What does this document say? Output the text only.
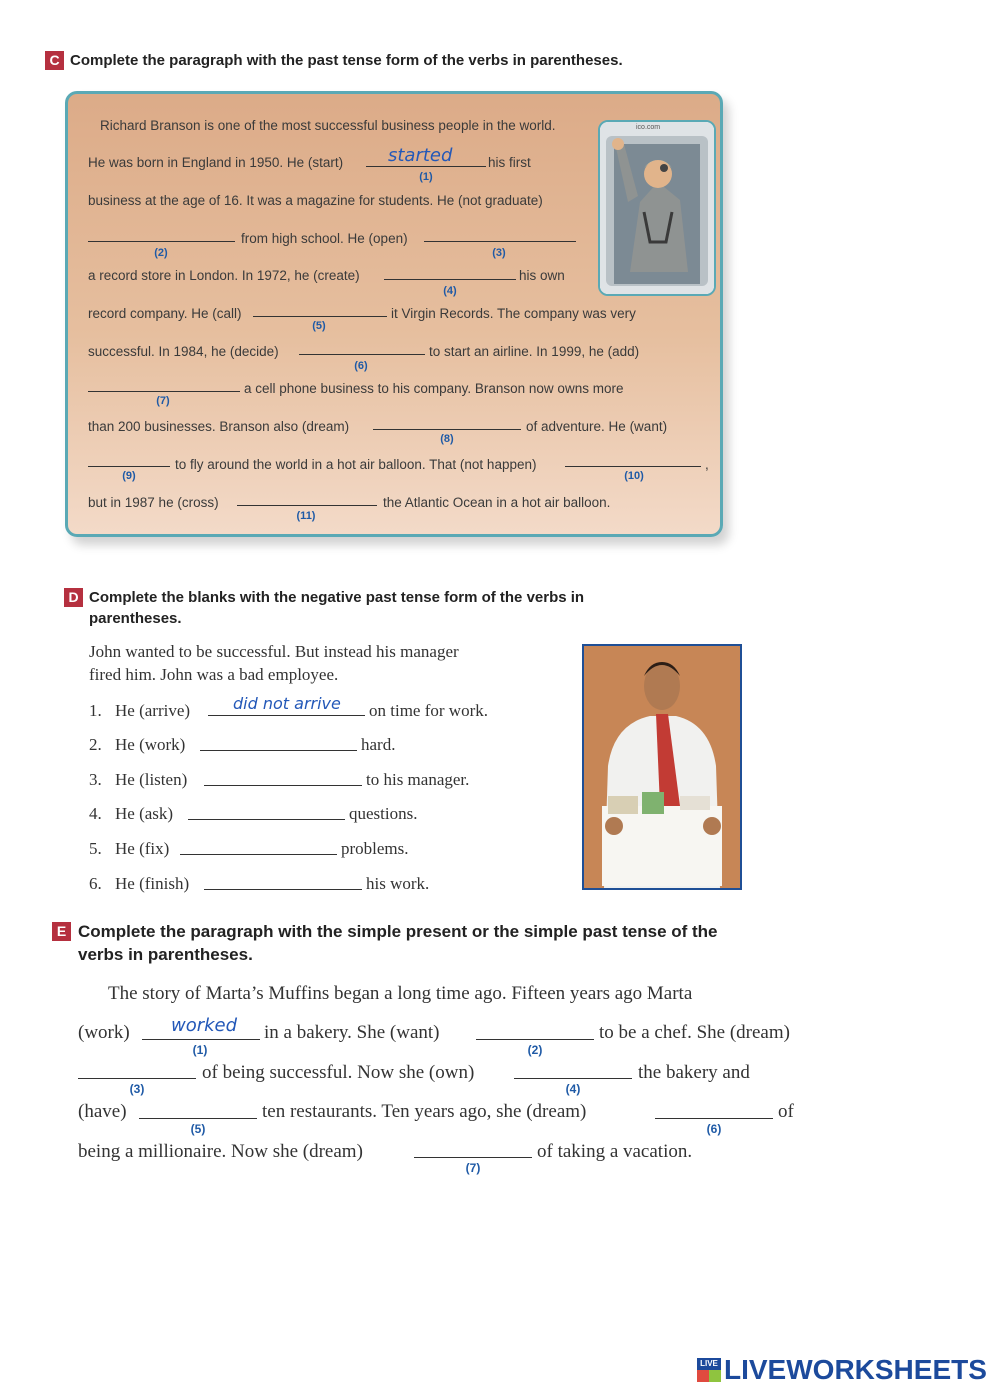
C Complete the paragraph with the past tense form of the verbs in parentheses.
ico.com
Richard Branson is one of the most successful business people in the world.
He was born in England in 1950. He (start) started
(1)
his first
business at the age of 16. It was a magazine for students. He (not graduate)
(2)
from high school. He (open)
(3)
a record store in London. In 1972, he (create)
(4)
his own
record company. He (call)
(5)
it Virgin Records. The company was very
successful. In 1984, he (decide)
(6)
to start an airline. In 1999, he (add)
(7)
a cell phone business to his company. Branson now owns more
than 200 businesses. Branson also (dream)
(8)
of adventure. He (want)
(9)
to fly around the world in a hot air balloon. That (not happen)
(10)
,
but in 1987 he (cross)
(11)
the Atlantic Ocean in a hot air balloon.
D Complete the blanks with the negative past tense form of the verbs in
parentheses.
John wanted to be successful. But instead his manager
fired him. John was a bad employee.
1. He (arrive)	did not arrive on time for work.
2. He (work)	hard.
3. He (listen)	to his manager.
4. He (ask)	questions.
5. He (fix)	problems.
6. He (finish)	his work.
E Complete the paragraph with the simple present or the simple past tense of the
verbs in parentheses.
The story of Marta’s Muffins began a long time ago. Fifteen years ago Marta
(work) worked
(1)
in a bakery. She (want)
(2)
to be a chef. She (dream)
(3)
of being successful. Now she (own)
(4)
the bakery and
(have)
(5)
ten restaurants. Ten years ago, she (dream)
(6)
of
being a millionaire. Now she (dream)
(7)
of taking a vacation.
LIVE LIVEWORKSHEETS
